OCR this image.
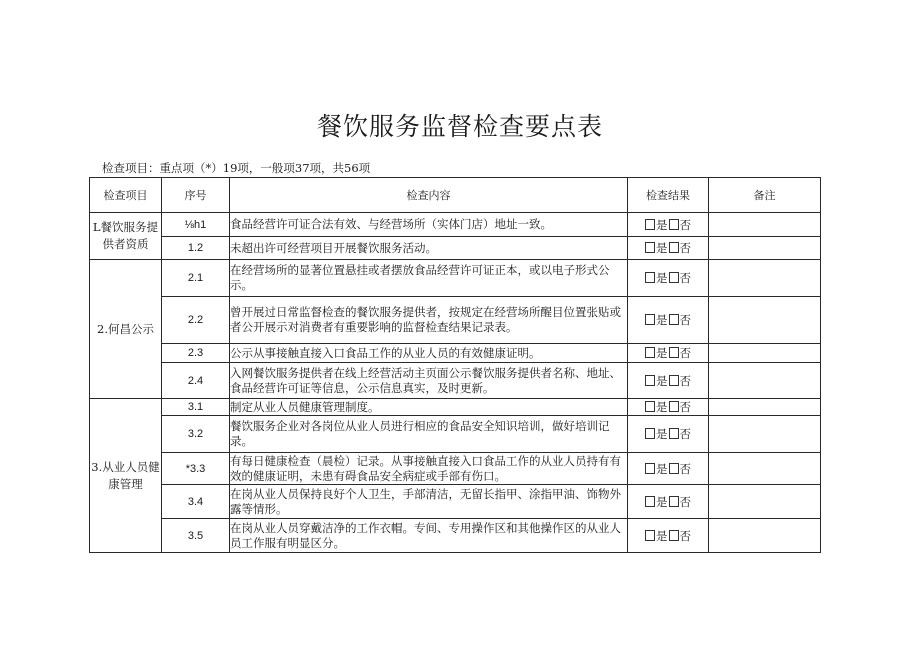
餐饮服务监督检查要点表
检查项目：重点项（*）19项，一般项37项，共56项
检查项目	序号	检查内容	检查结果	备注
L餐饮服务提供者资质	⅛h1	食品经营许可证合法有效、与经营场所（实体门店）地址一致。	是 否	
	1.2	未超出许可经营项目开展餐饮服务活动。	是 否	
2.何昌公示	2.1	在经营场所的显著位置悬挂或者摆放食品经营许可证正本，或以电子形式公示。	是 否	
	2.2	曾开展过日常监督检查的餐饮服务提供者，按规定在经营场所醒目位置张贴或者公开展示对消费者有重要影响的监督检查结果记录表。	是 否	
	2.3	公示从事接触直接入口食品工作的从业人员的有效健康证明。	是 否	
	2.4	入网餐饮服务提供者在线上经营活动主页面公示餐饮服务提供者名称、地址、食品经营许可证等信息，公示信息真实，及时更新。	是 否	
3.从业人员健康管理	3.1	制定从业人员健康管理制度。	是 否	
	3.2	餐饮服务企业对各岗位从业人员进行相应的食品安全知识培训，做好培训记录。	是 否	
	*3.3	有每日健康检查（晨检）记录。从事接触直接入口食品工作的从业人员持有有效的健康证明，未患有碍食品安全病症或手部有伤口。	是 否	
	3.4	在岗从业人员保持良好个人卫生，手部清洁，无留长指甲、涂指甲油、饰物外露等情形。	是 否	
	3.5	在岗从业人员穿戴洁净的工作衣帽。专间、专用操作区和其他操作区的从业人员工作服有明显区分。	是 否	
